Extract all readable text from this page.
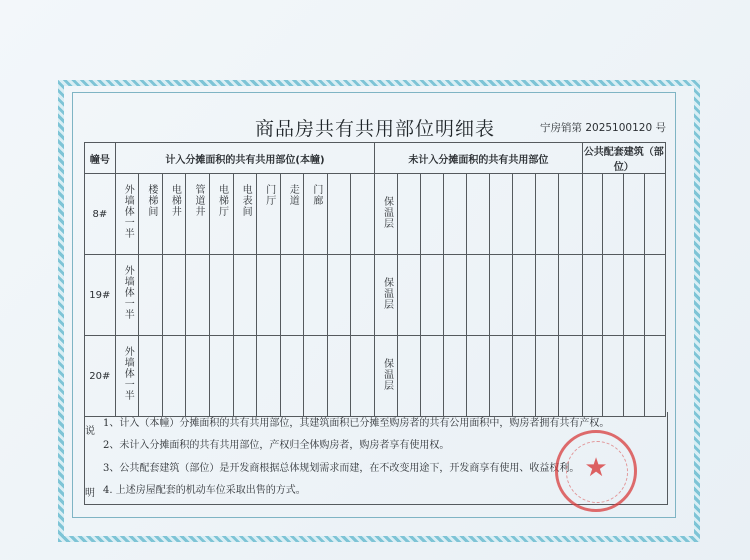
商品房共有共用部位明细表	宁房销第 2025100120 号
幢号	计入分摊面积的共有共用部位(本幢)											未计入分摊面积的共有共用部位									公共配套建筑（部位）			
8#	外墙体一半	楼梯间	电梯井	管道井	电梯厅	电表间	门厅	走道	门廊			保温层												
19#	外墙体一半											保温层												
20#	外墙体一半											保温层												
说
明
1、计入（本幢）分摊面积的共有共用部位，其建筑面积已分摊至购房者的共有公用面积中，购房者拥有共有产权。
2、未计入分摊面积的共有共用部位，产权归全体购房者，购房者享有使用权。
3、公共配套建筑（部位）是开发商根据总体规划需求而建，在不改变用途下，开发商享有使用、收益权利。
4. 上述房屋配套的机动车位采取出售的方式。
★
